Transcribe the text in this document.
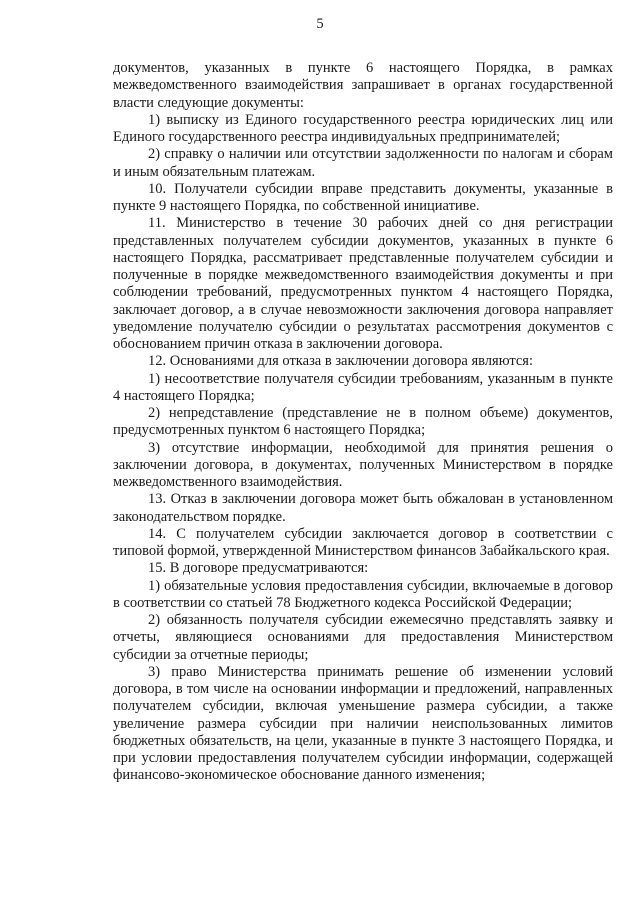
5

документов, указанных в пункте 6 настоящего Порядка, в рамках межведомственного взаимодействия запрашивает в органах государственной власти следующие документы:

1) выписку из Единого государственного реестра юридических лиц или Единого государственного реестра индивидуальных предпринимателей;

2) справку о наличии или отсутствии задолженности по налогам и сборам и иным обязательным платежам.

10. Получатели субсидии вправе представить документы, указанные в пункте 9 настоящего Порядка, по собственной инициативе.

11. Министерство в течение 30 рабочих дней со дня регистрации представленных получателем субсидии документов, указанных в пункте 6 настоящего Порядка, рассматривает представленные получателем субсидии и полученные в порядке межведомственного взаимодействия документы и при соблюдении требований, предусмотренных пунктом 4 настоящего Порядка, заключает договор, а в случае невозможности заключения договора направляет уведомление получателю субсидии о результатах рассмотрения документов с обоснованием причин отказа в заключении договора.

12. Основаниями для отказа в заключении договора являются:

1) несоответствие получателя субсидии требованиям, указанным в пункте 4 настоящего Порядка;

2) непредставление (представление не в полном объеме) документов, предусмотренных пунктом 6 настоящего Порядка;

3) отсутствие информации, необходимой для принятия решения о заключении договора, в документах, полученных Министерством в порядке межведомственного взаимодействия.

13. Отказ в заключении договора может быть обжалован в установленном законодательством порядке.

14. С получателем субсидии заключается договор в соответствии с типовой формой, утвержденной Министерством финансов Забайкальского края.

15. В договоре предусматриваются:

1) обязательные условия предоставления субсидии, включаемые в договор в соответствии со статьей 78 Бюджетного кодекса Российской Федерации;

2) обязанность получателя субсидии ежемесячно представлять заявку и отчеты, являющиеся основаниями для предоставления Министерством субсидии за отчетные периоды;

3) право Министерства принимать решение об изменении условий договора, в том числе на основании информации и предложений, направленных получателем субсидии, включая уменьшение размера субсидии, а также увеличение размера субсидии при наличии неиспользованных лимитов бюджетных обязательств, на цели, указанные в пункте 3 настоящего Порядка, и при условии предоставления получателем субсидии информации, содержащей финансово-экономическое обоснование данного изменения;
